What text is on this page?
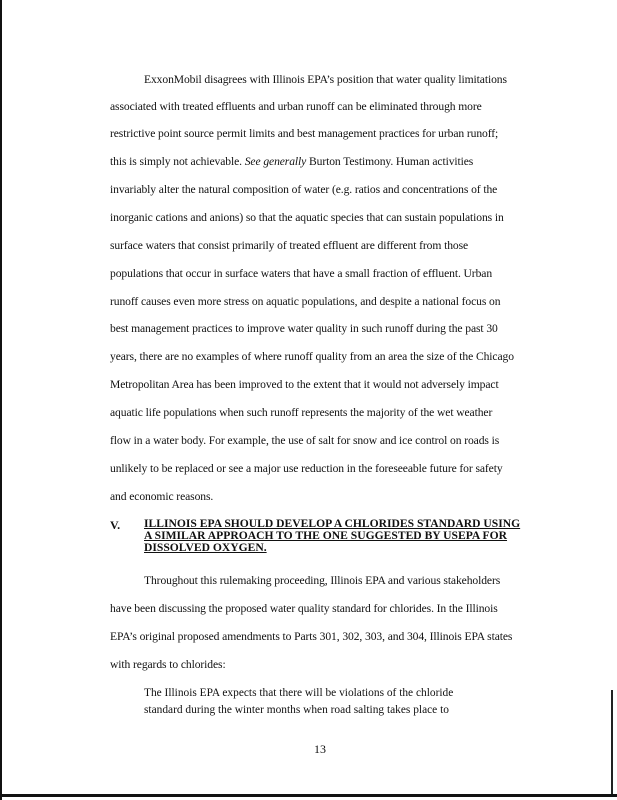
ExxonMobil disagrees with Illinois EPA’s position that water quality limitations
associated with treated effluents and urban runoff can be eliminated through more
restrictive point source permit limits and best management practices for urban runoff;
this is simply not achievable. See generally Burton Testimony. Human activities
invariably alter the natural composition of water (e.g. ratios and concentrations of the
inorganic cations and anions) so that the aquatic species that can sustain populations in
surface waters that consist primarily of treated effluent are different from those
populations that occur in surface waters that have a small fraction of effluent. Urban
runoff causes even more stress on aquatic populations, and despite a national focus on
best management practices to improve water quality in such runoff during the past 30
years, there are no examples of where runoff quality from an area the size of the Chicago
Metropolitan Area has been improved to the extent that it would not adversely impact
aquatic life populations when such runoff represents the majority of the wet weather
flow in a water body. For example, the use of salt for snow and ice control on roads is
unlikely to be replaced or see a major use reduction in the foreseeable future for safety
and economic reasons.
V. ILLINOIS EPA SHOULD DEVELOP A CHLORIDES STANDARD USING
A SIMILAR APPROACH TO THE ONE SUGGESTED BY USEPA FOR
DISSOLVED OXYGEN.
Throughout this rulemaking proceeding, Illinois EPA and various stakeholders
have been discussing the proposed water quality standard for chlorides. In the Illinois
EPA’s original proposed amendments to Parts 301, 302, 303, and 304, Illinois EPA states
with regards to chlorides:
The Illinois EPA expects that there will be violations of the chloride
standard during the winter months when road salting takes place to
13
